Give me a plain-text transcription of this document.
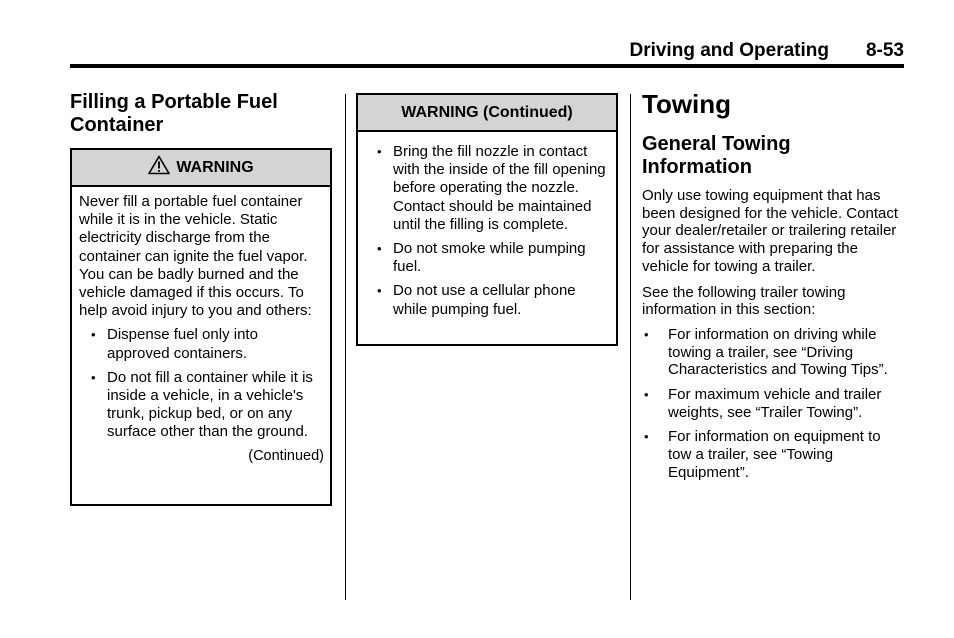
Driving and Operating 8-53
Filling a Portable Fuel Container
WARNING

Never fill a portable fuel container while it is in the vehicle. Static electricity discharge from the container can ignite the fuel vapor. You can be badly burned and the vehicle damaged if this occurs. To help avoid injury to you and others:

• Dispense fuel only into approved containers.
• Do not fill a container while it is inside a vehicle, in a vehicle's trunk, pickup bed, or on any surface other than the ground.
(Continued)
WARNING (Continued)
• Bring the fill nozzle in contact with the inside of the fill opening before operating the nozzle. Contact should be maintained until the filling is complete.
• Do not smoke while pumping fuel.
• Do not use a cellular phone while pumping fuel.
Towing
General Towing Information

Only use towing equipment that has been designed for the vehicle. Contact your dealer/retailer or trailering retailer for assistance with preparing the vehicle for towing a trailer.

See the following trailer towing information in this section:

• For information on driving while towing a trailer, see “Driving Characteristics and Towing Tips”.
• For maximum vehicle and trailer weights, see “Trailer Towing”.
• For information on equipment to tow a trailer, see “Towing Equipment”.
